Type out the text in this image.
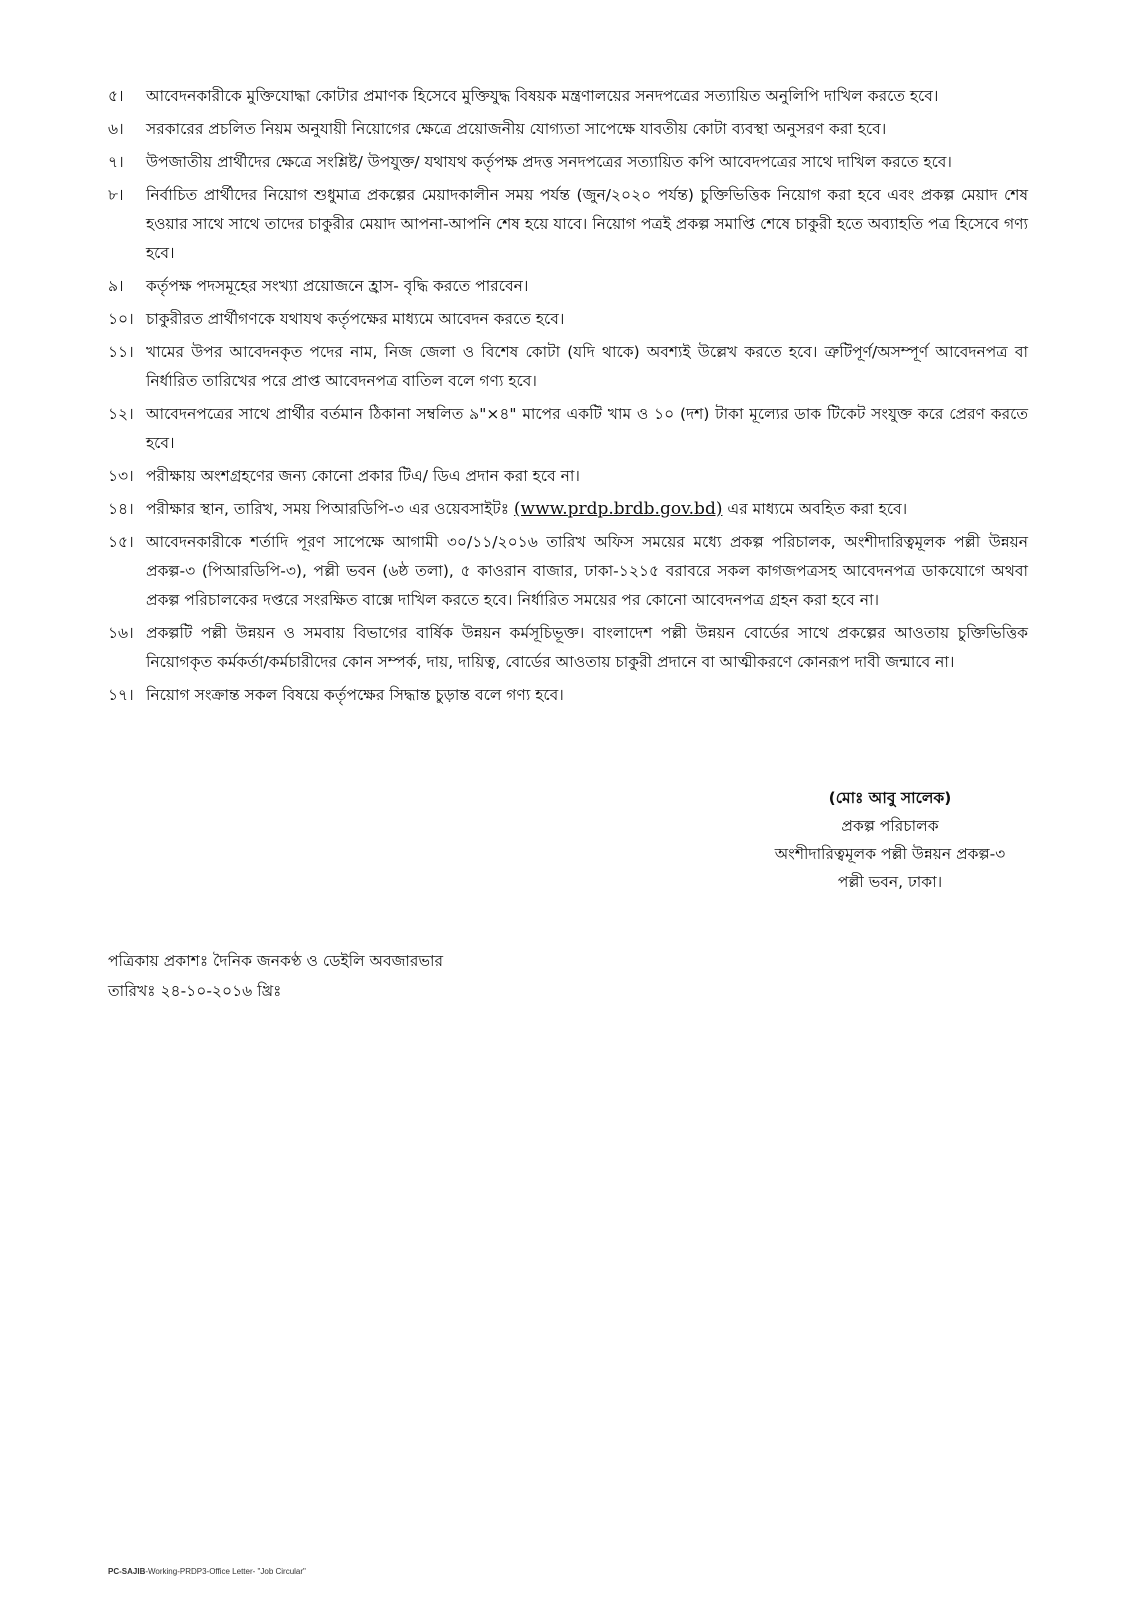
৫।	আবেদনকারীকে মুক্তিযোদ্ধা কোটার প্রমাণক হিসেবে মুক্তিযুদ্ধ বিষয়ক মন্ত্রণালয়ের সনদপত্রের সত্যায়িত অনুলিপি দাখিল করতে হবে।
৬।	সরকারের প্রচলিত নিয়ম অনুযায়ী নিয়োগের ক্ষেত্রে প্রয়োজনীয় যোগ্যতা সাপেক্ষে যাবতীয় কোটা ব্যবস্থা অনুসরণ করা হবে।
৭।	উপজাতীয় প্রার্থীদের ক্ষেত্রে সংশ্লিষ্ট/ উপযুক্ত/ যথাযথ কর্তৃপক্ষ প্রদত্ত সনদপত্রের সত্যায়িত কপি আবেদপত্রের সাথে দাখিল করতে হবে।
৮।	নির্বাচিত প্রার্থীদের নিয়োগ শুধুমাত্র প্রকল্পের মেয়াদকালীন সময় পর্যন্ত (জুন/২০২০ পর্যন্ত) চুক্তিভিত্তিক নিয়োগ করা হবে এবং প্রকল্প মেয়াদ শেষ হওয়ার সাথে সাথে তাদের চাকুরীর মেয়াদ আপনা-আপনি শেষ হয়ে যাবে। নিয়োগ পত্রই প্রকল্প সমাপ্তি শেষে চাকুরী হতে অব্যাহতি পত্র হিসেবে গণ্য হবে।
৯।	কর্তৃপক্ষ পদসমূহের সংখ্যা প্রয়োজনে হ্রাস- বৃদ্ধি করতে পারবেন।
১০। চাকুরীরত প্রার্থীগণকে যথাযথ কর্তৃপক্ষের মাধ্যমে আবেদন করতে হবে।
১১। খামের উপর আবেদনকৃত পদের নাম, নিজ জেলা ও বিশেষ কোটা (যদি থাকে) অবশ্যই উল্লেখ করতে হবে। ত্রুটিপূর্ণ/অসম্পূর্ণ আবেদনপত্র বা নির্ধারিত তারিখের পরে প্রাপ্ত আবেদনপত্র বাতিল বলে গণ্য হবে।
১২। আবেদনপত্রের সাথে প্রার্থীর বর্তমান ঠিকানা সম্বলিত ৯"×৪" মাপের একটি খাম ও ১০ (দশ) টাকা মূল্যের ডাক টিকেট সংযুক্ত করে প্রেরণ করতে হবে।
১৩। পরীক্ষায় অংশগ্রহণের জন্য কোনো প্রকার টিএ/ ডিএ প্রদান করা হবে না।
১৪। পরীক্ষার স্থান, তারিখ, সময় পিআরডিপি-৩ এর ওয়েবসাইটঃ (www.prdp.brdb.gov.bd) এর মাধ্যমে অবহিত করা হবে।
১৫। আবেদনকারীকে শর্তাদি পূরণ সাপেক্ষে আগামী ৩০/১১/২০১৬ তারিখ অফিস সময়ের মধ্যে প্রকল্প পরিচালক, অংশীদারিত্বমূলক পল্লী উন্নয়ন প্রকল্প-৩ (পিআরডিপি-৩), পল্লী ভবন (৬ষ্ঠ তলা), ৫ কাওরান বাজার, ঢাকা-১২১৫ বরাবরে সকল কাগজপত্রসহ আবেদনপত্র ডাকযোগে অথবা প্রকল্প পরিচালকের দপ্তরে সংরক্ষিত বাক্সে দাখিল করতে হবে। নির্ধারিত সময়ের পর কোনো আবেদনপত্র গ্রহন করা হবে না।
১৬। প্রকল্পটি পল্লী উন্নয়ন ও সমবায় বিভাগের বার্ষিক উন্নয়ন কর্মসূচিভূক্ত। বাংলাদেশ পল্লী উন্নয়ন বোর্ডের সাথে প্রকল্পের আওতায় চুক্তিভিত্তিক নিয়োগকৃত কর্মকর্তা/কর্মচারীদের কোন সম্পর্ক, দায়, দায়িত্ব, বোর্ডের আওতায় চাকুরী প্রদানে বা আত্মীকরণে কোনরূপ দাবী জন্মাবে না।
১৭। নিয়োগ সংক্রান্ত সকল বিষয়ে কর্তৃপক্ষের সিদ্ধান্ত চুড়ান্ত বলে গণ্য হবে।
(মোঃ আবু সালেক)
প্রকল্প পরিচালক
অংশীদারিত্বমূলক পল্লী উন্নয়ন প্রকল্প-৩
পল্লী ভবন, ঢাকা।
পত্রিকায় প্রকাশঃ দৈনিক জনকণ্ঠ ও ডেইলি অবজারভার
তারিখঃ ২৪-১০-২০১৬ খ্রিঃ
PC-SAJIB-Working-PRDP3-Office Letter- "Job Circular"
